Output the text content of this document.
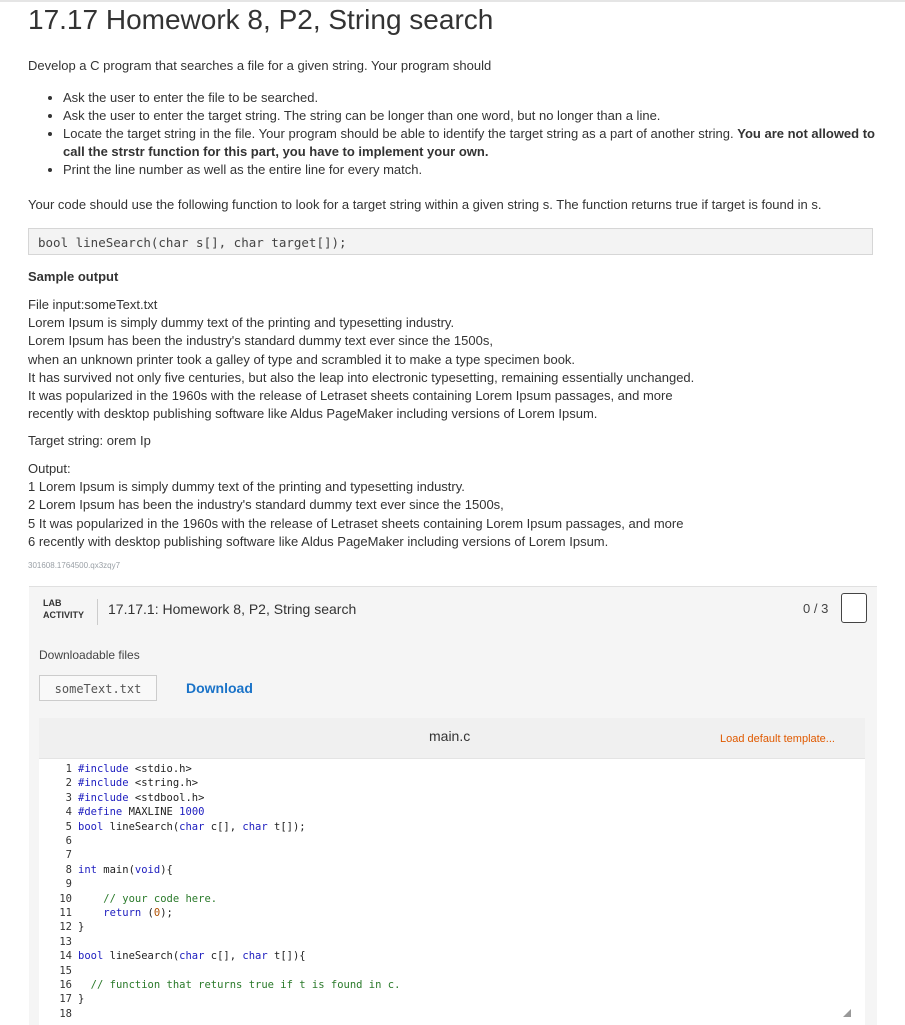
17.17 Homework 8, P2, String search

Develop a C program that searches a file for a given string. Your program should

• Ask the user to enter the file to be searched.
• Ask the user to enter the target string. The string can be longer than one word, but no longer than a line.
• Locate the target string in the file. Your program should be able to identify the target string as a part of another string. You are not allowed to call the strstr function for this part, you have to implement your own.
• Print the line number as well as the entire line for every match.

Your code should use the following function to look for a target string within a given string s. The function returns true if target is found in s.

bool lineSearch(char s[], char target[]);
Sample output
File input:someText.txt
Lorem Ipsum is simply dummy text of the printing and typesetting industry.
Lorem Ipsum has been the industry's standard dummy text ever since the 1500s,
when an unknown printer took a galley of type and scrambled it to make a type specimen book.
It has survived not only five centuries, but also the leap into electronic typesetting, remaining essentially unchanged.
It was popularized in the 1960s with the release of Letraset sheets containing Lorem Ipsum passages, and more
recently with desktop publishing software like Aldus PageMaker including versions of Lorem Ipsum.
Target string: orem Ip
Output:
1 Lorem Ipsum is simply dummy text of the printing and typesetting industry.
2 Lorem Ipsum has been the industry's standard dummy text ever since the 1500s,
5 It was popularized in the 1960s with the release of Letraset sheets containing Lorem Ipsum passages, and more
6 recently with desktop publishing software like Aldus PageMaker including versions of Lorem Ipsum.
301608.1764500.qx3zqy7
LAB
ACTIVITY 17.17.1: Homework 8, P2, String search	0 / 3
Downloadable files
someText.txt	Download
main.c	Load default template...
1 #include <stdio.h>
2 #include <string.h>
3 #include <stdbool.h>
4 #define MAXLINE 1000
5 bool lineSearch(char c[], char t[]);
6
7
8 int main(void){
9
10	// your code here.
11	return (0);
12 }
13
14 bool lineSearch(char c[], char t[]){
15
16	// function that returns true if t is found in c.
17 }
18
